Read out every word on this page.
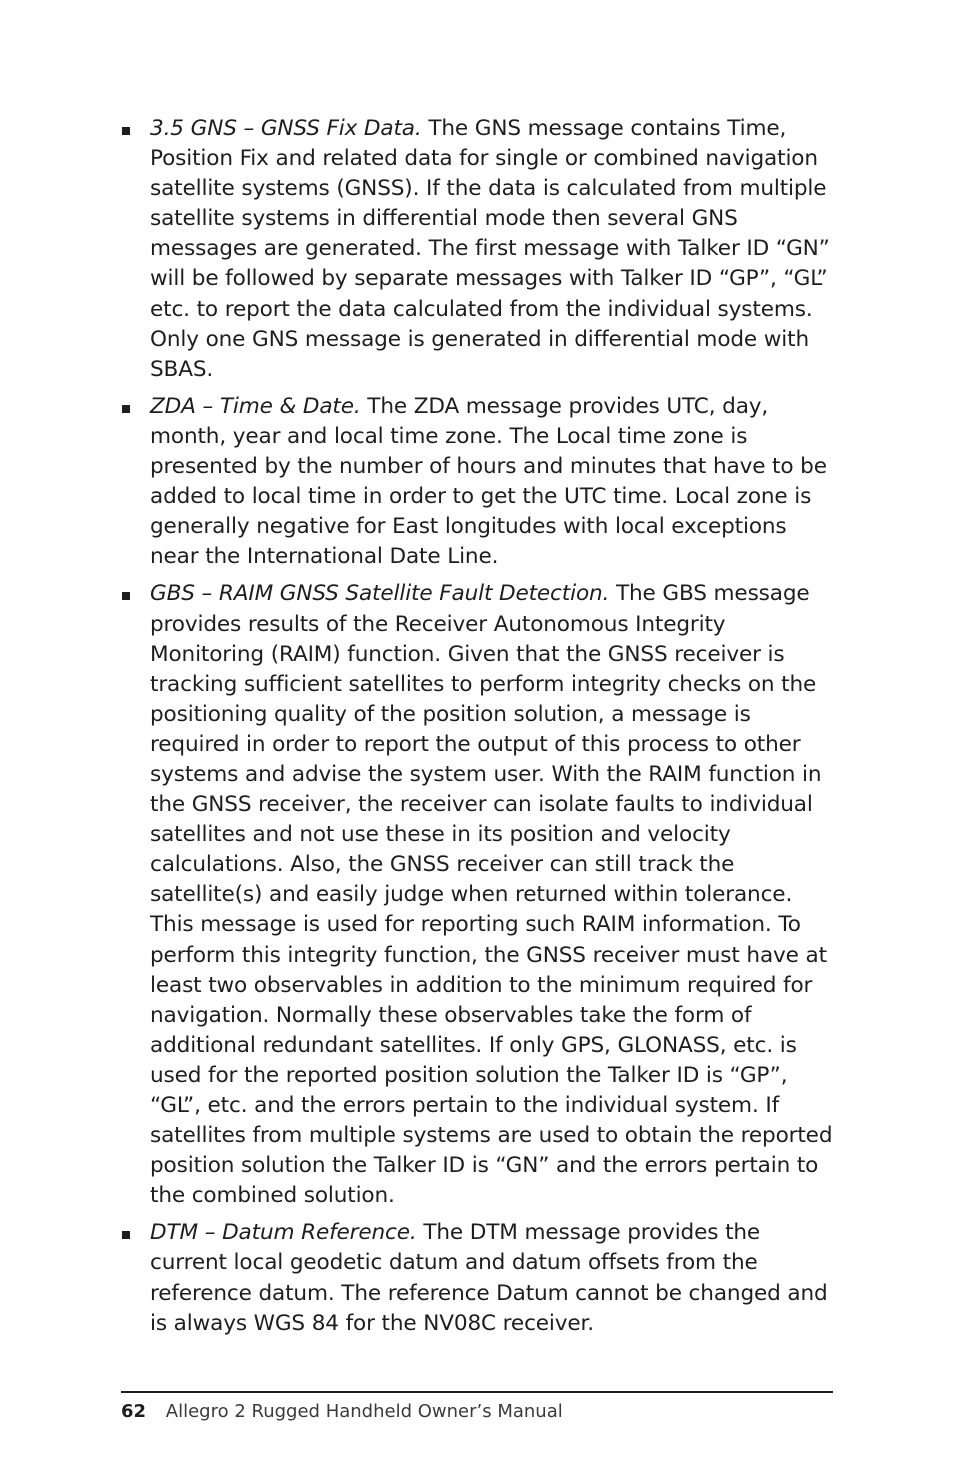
3.5 GNS – GNSS Fix Data. The GNS message contains Time, Position Fix and related data for single or combined navigation satellite systems (GNSS). If the data is calculated from multiple satellite systems in differential mode then several GNS messages are generated. The first message with Talker ID “GN” will be followed by separate messages with Talker ID “GP”, “GL” etc. to report the data calculated from the individual systems. Only one GNS message is generated in differential mode with SBAS.
ZDA – Time & Date. The ZDA message provides UTC, day, month, year and local time zone. The Local time zone is presented by the number of hours and minutes that have to be added to local time in order to get the UTC time. Local zone is generally negative for East longitudes with local exceptions near the International Date Line.
GBS – RAIM GNSS Satellite Fault Detection. The GBS message provides results of the Receiver Autonomous Integrity Monitoring (RAIM) function. Given that the GNSS receiver is tracking sufficient satellites to perform integrity checks on the positioning quality of the position solution, a message is required in order to report the output of this process to other systems and advise the system user. With the RAIM function in the GNSS receiver, the receiver can isolate faults to individual satellites and not use these in its position and velocity calculations. Also, the GNSS receiver can still track the satellite(s) and easily judge when returned within tolerance. This message is used for reporting such RAIM information. To perform this integrity function, the GNSS receiver must have at least two observables in addition to the minimum required for navigation. Normally these observables take the form of additional redundant satellites. If only GPS, GLONASS, etc. is used for the reported position solution the Talker ID is “GP”, “GL”, etc. and the errors pertain to the individual system. If satellites from multiple systems are used to obtain the reported position solution the Talker ID is “GN” and the errors pertain to the combined solution.
DTM – Datum Reference. The DTM message provides the current local geodetic datum and datum offsets from the reference datum. The reference Datum cannot be changed and is always WGS 84 for the NV08C receiver.
62 Allegro 2 Rugged Handheld Owner’s Manual
